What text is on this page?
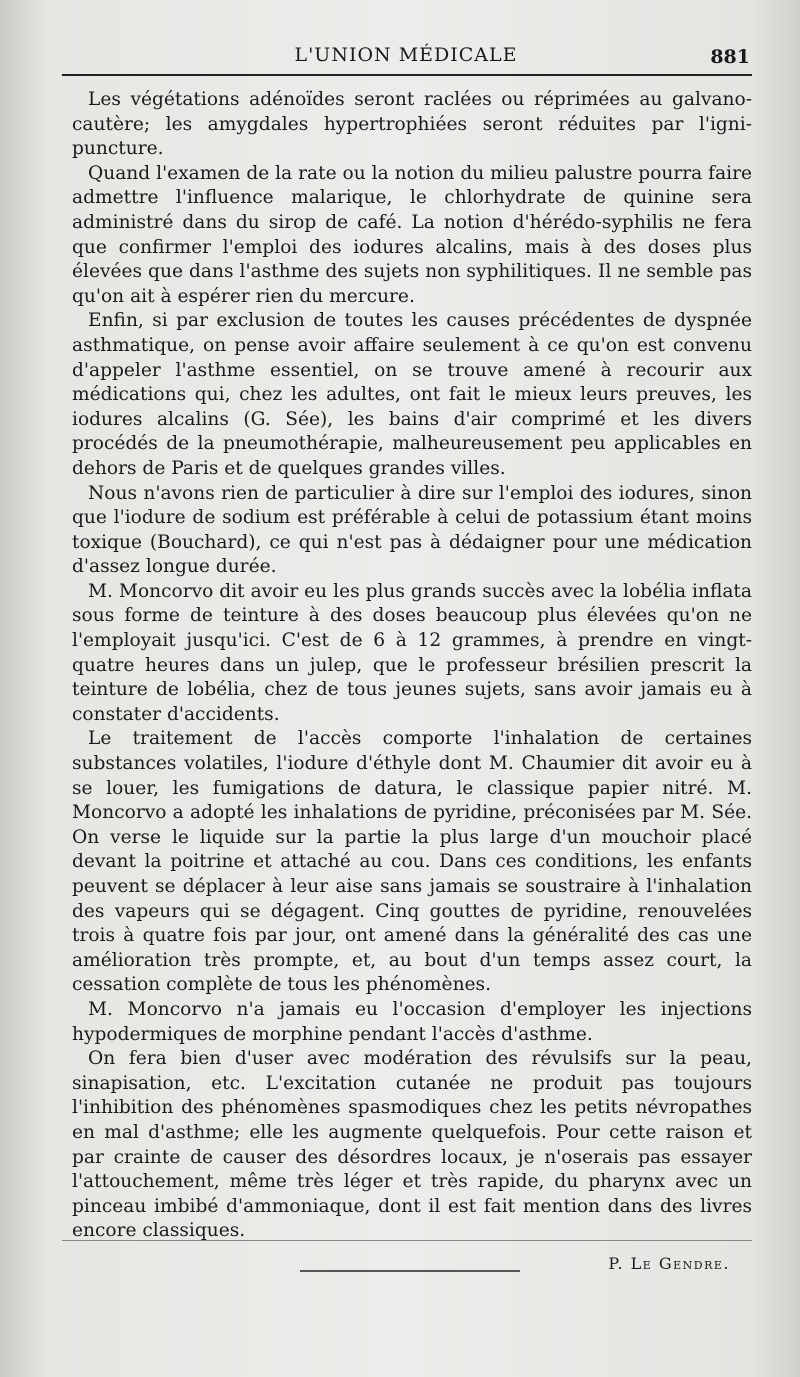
L'UNION MÉDICALE	881

Les végétations adénoïdes seront raclées ou réprimées au galvano-cautère; les amygdales hypertrophiées seront réduites par l'igni-puncture.

Quand l'examen de la rate ou la notion du milieu palustre pourra faire admettre l'influence malarique, le chlorhydrate de quinine sera administré dans du sirop de café. La notion d'hérédo-syphilis ne fera que confirmer l'emploi des iodures alcalins, mais à des doses plus élevées que dans l'asthme des sujets non syphilitiques. Il ne semble pas qu'on ait à espérer rien du mercure.

Enfin, si par exclusion de toutes les causes précédentes de dyspnée asthmatique, on pense avoir affaire seulement à ce qu'on est convenu d'appeler l'asthme essentiel, on se trouve amené à recourir aux médications qui, chez les adultes, ont fait le mieux leurs preuves, les iodures alcalins (G. Sée), les bains d'air comprimé et les divers procédés de la pneumothérapie, malheureusement peu applicables en dehors de Paris et de quelques grandes villes.

Nous n'avons rien de particulier à dire sur l'emploi des iodures, sinon que l'iodure de sodium est préférable à celui de potassium étant moins toxique (Bouchard), ce qui n'est pas à dédaigner pour une médication d'assez longue durée.

M. Moncorvo dit avoir eu les plus grands succès avec la lobélia inflata sous forme de teinture à des doses beaucoup plus élevées qu'on ne l'employait jusqu'ici. C'est de 6 à 12 grammes, à prendre en vingt-quatre heures dans un julep, que le professeur brésilien prescrit la teinture de lobélia, chez de tous jeunes sujets, sans avoir jamais eu à constater d'accidents.

Le traitement de l'accès comporte l'inhalation de certaines substances volatiles, l'iodure d'éthyle dont M. Chaumier dit avoir eu à se louer, les fumigations de datura, le classique papier nitré. M. Moncorvo a adopté les inhalations de pyridine, préconisées par M. Sée. On verse le liquide sur la partie la plus large d'un mouchoir placé devant la poitrine et attaché au cou. Dans ces conditions, les enfants peuvent se déplacer à leur aise sans jamais se soustraire à l'inhalation des vapeurs qui se dégagent. Cinq gouttes de pyridine, renouvelées trois à quatre fois par jour, ont amené dans la généralité des cas une amélioration très prompte, et, au bout d'un temps assez court, la cessation complète de tous les phénomènes.

M. Moncorvo n'a jamais eu l'occasion d'employer les injections hypodermiques de morphine pendant l'accès d'asthme.

On fera bien d'user avec modération des révulsifs sur la peau, sinapisation, etc. L'excitation cutanée ne produit pas toujours l'inhibition des phénomènes spasmodiques chez les petits névropathes en mal d'asthme; elle les augmente quelquefois. Pour cette raison et par crainte de causer des désordres locaux, je n'oserais pas essayer l'attouchement, même très léger et très rapide, du pharynx avec un pinceau imbibé d'ammoniaque, dont il est fait mention dans des livres encore classiques.

P. Le Gendre.
